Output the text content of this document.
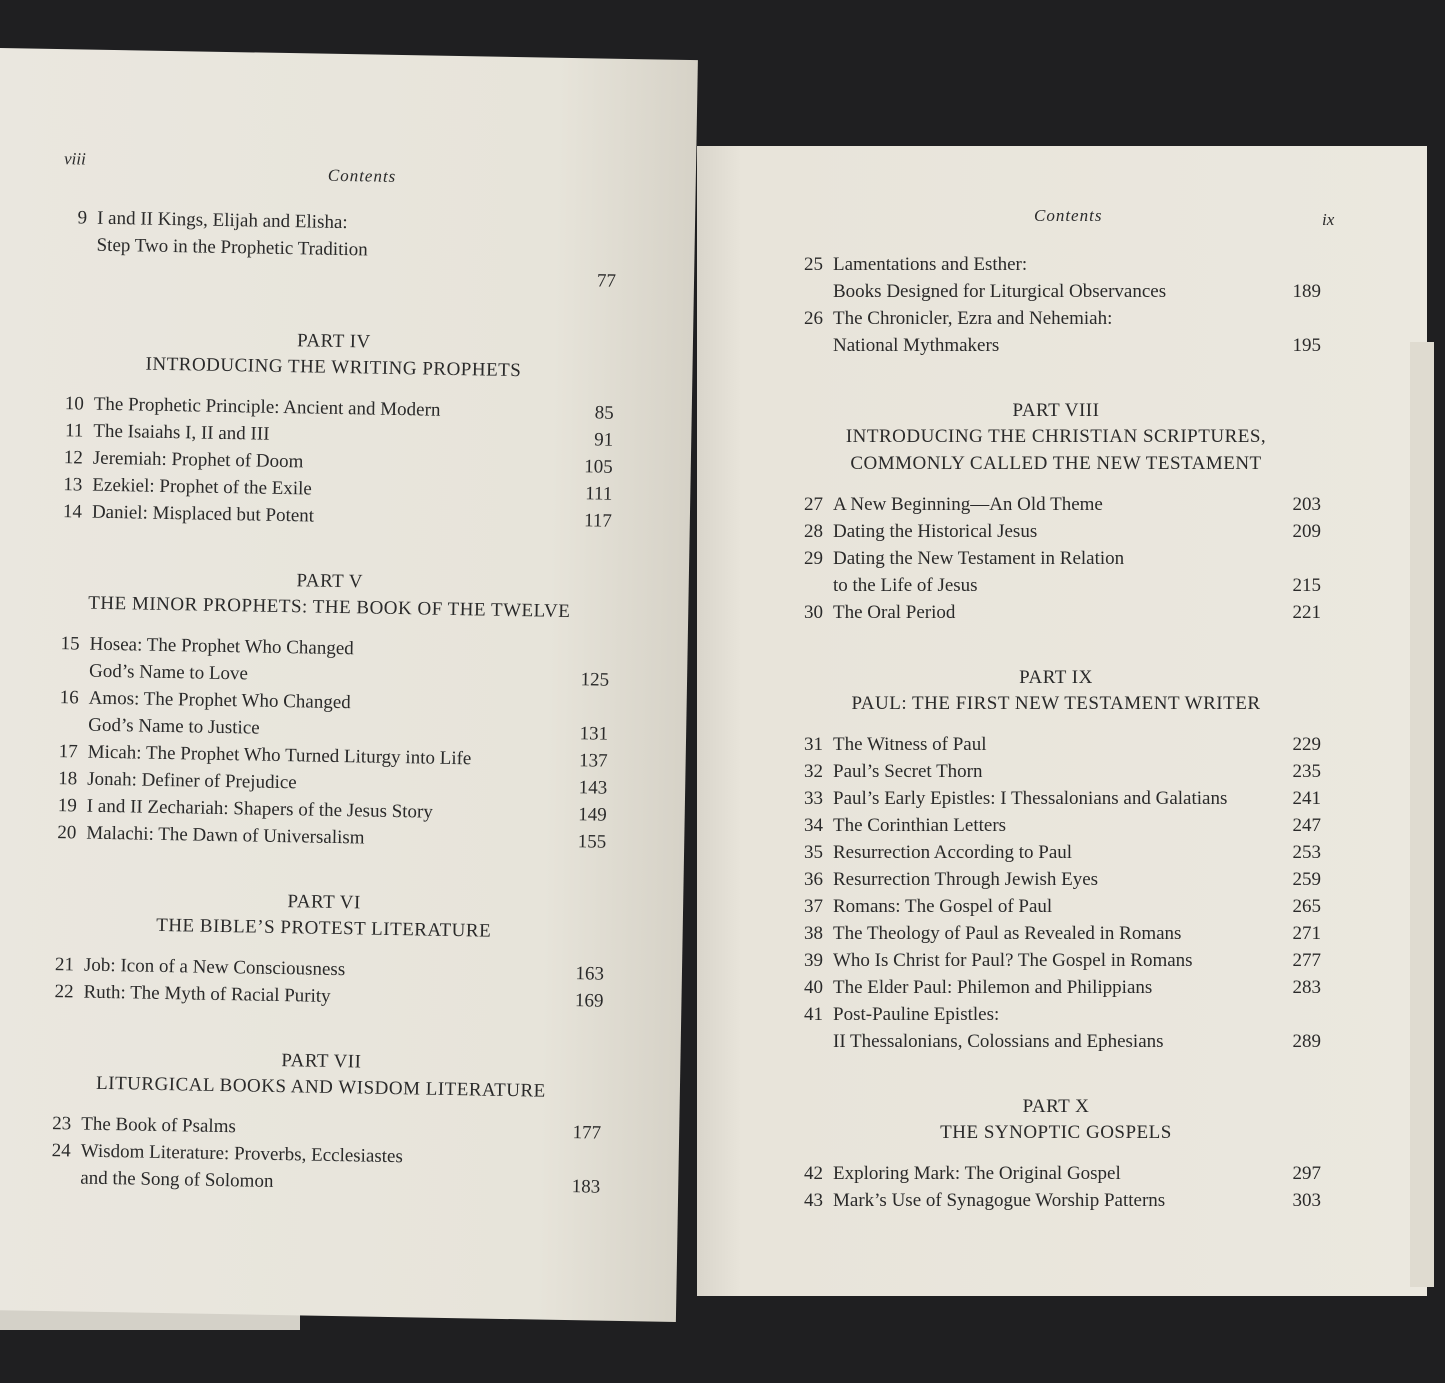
viii
Contents
9 I and II Kings, Elijah and Elisha:
Step Two in the Prophetic Tradition
77
PART IV
INTRODUCING THE WRITING PROPHETS
10 The Prophetic Principle: Ancient and Modern	85
11 The Isaiahs I, II and III	91
12 Jeremiah: Prophet of Doom	105
13 Ezekiel: Prophet of the Exile	111
14 Daniel: Misplaced but Potent	117
PART V
THE MINOR PROPHETS: THE BOOK OF THE TWELVE
15 Hosea: The Prophet Who Changed
God’s Name to Love	125
16 Amos: The Prophet Who Changed
God’s Name to Justice	131
17 Micah: The Prophet Who Turned Liturgy into Life	137
18 Jonah: Definer of Prejudice	143
19 I and II Zechariah: Shapers of the Jesus Story	149
20 Malachi: The Dawn of Universalism	155
PART VI
THE BIBLE’S PROTEST LITERATURE
21 Job: Icon of a New Consciousness	163
22 Ruth: The Myth of Racial Purity	169
PART VII
LITURGICAL BOOKS AND WISDOM LITERATURE
23 The Book of Psalms	177
24 Wisdom Literature: Proverbs, Ecclesiastes
and the Song of Solomon	183
Contents	ix
25 Lamentations and Esther:
Books Designed for Liturgical Observances	189
26 The Chronicler, Ezra and Nehemiah:
National Mythmakers	195
PART VIII
INTRODUCING THE CHRISTIAN SCRIPTURES,
COMMONLY CALLED THE NEW TESTAMENT
27 A New Beginning—An Old Theme	203
28 Dating the Historical Jesus	209
29 Dating the New Testament in Relation
to the Life of Jesus	215
30 The Oral Period	221
PART IX
PAUL: THE FIRST NEW TESTAMENT WRITER
31 The Witness of Paul	229
32 Paul’s Secret Thorn	235
33 Paul’s Early Epistles: I Thessalonians and Galatians	241
34 The Corinthian Letters	247
35 Resurrection According to Paul	253
36 Resurrection Through Jewish Eyes	259
37 Romans: The Gospel of Paul	265
38 The Theology of Paul as Revealed in Romans	271
39 Who Is Christ for Paul? The Gospel in Romans	277
40 The Elder Paul: Philemon and Philippians	283
41 Post-Pauline Epistles:
II Thessalonians, Colossians and Ephesians	289
PART X
THE SYNOPTIC GOSPELS
42 Exploring Mark: The Original Gospel	297
43 Mark’s Use of Synagogue Worship Patterns	303
